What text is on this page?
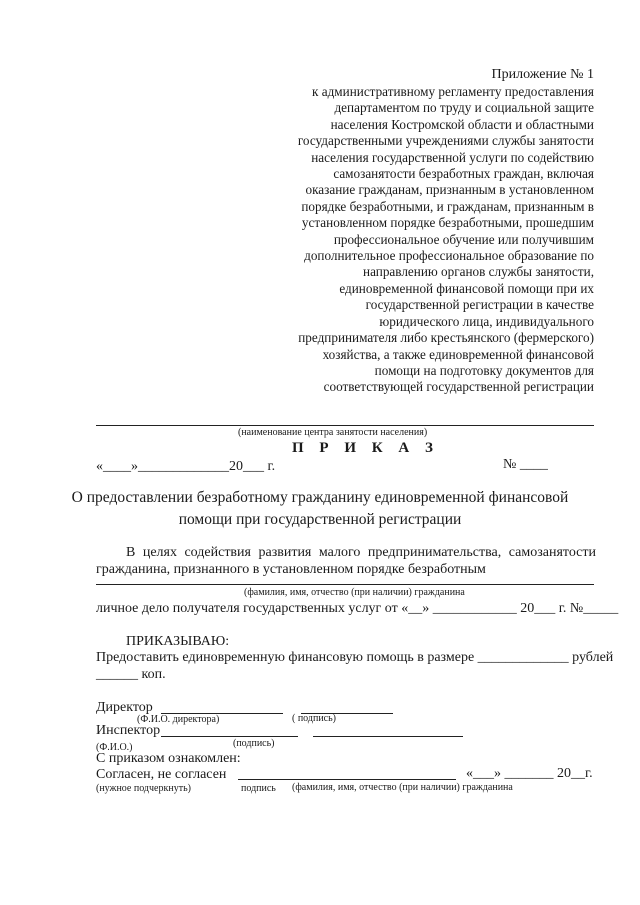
Приложение № 1
к административному регламенту предоставления
департаментом по труду и социальной защите
населения Костромской области и областными
государственными учреждениями службы занятости
населения государственной услуги по содействию
самозанятости безработных граждан, включая
оказание гражданам, признанным в установленном
порядке безработными, и гражданам, признанным в
установленном порядке безработными, прошедшим
профессиональное обучение или получившим
дополнительное профессиональное образование по
направлению органов службы занятости,
единовременной финансовой помощи при их
государственной регистрации в качестве
юридического лица, индивидуального
предпринимателя либо крестьянского (фермерского)
хозяйства, а также единовременной финансовой
помощи на подготовку документов для
соответствующей государственной регистрации
(наименование центра занятости населения)
П Р И К А З
«____»_____________20___ г.	№ ____
О предоставлении безработному гражданину единовременной финансовой
помощи при государственной регистрации
В целях содействия развития малого предпринимательства, самозанятости
гражданина, признанного в установленном порядке безработным
(фамилия, имя, отчество (при наличии) гражданина
личное дело получателя государственных услуг от «__» ____________ 20___ г. №_____
ПРИКАЗЫВАЮ:
Предоставить единовременную финансовую помощь в размере _____________ рублей
______ коп.
Директор
(Ф.И.О. директора)	( подпись)
Инспектор
(Ф.И.О.)	(подпись)
С приказом ознакомлен:
Согласен, не согласен	«___» _______ 20__г.
(нужное подчеркнуть)	подпись (фамилия, имя, отчество (при наличии) гражданина
